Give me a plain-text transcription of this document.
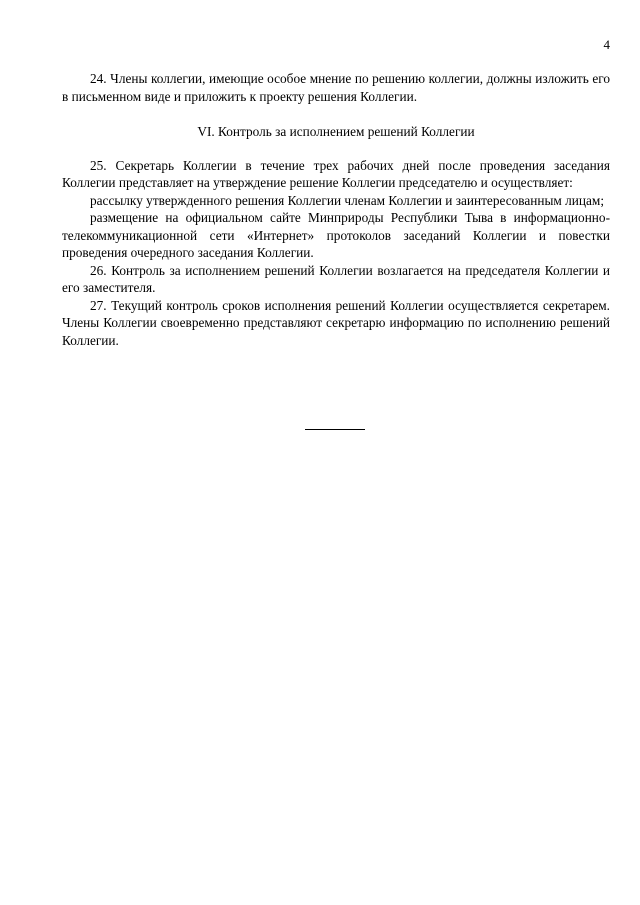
4

24. Члены коллегии, имеющие особое мнение по решению коллегии, должны изложить его в письменном виде и приложить к проекту решения Коллегии.

VI. Контроль за исполнением решений Коллегии

25. Секретарь Коллегии в течение трех рабочих дней после проведения заседания Коллегии представляет на утверждение решение Коллегии председателю и осуществляет:

рассылку утвержденного решения Коллегии членам Коллегии и заинтересованным лицам;

размещение на официальном сайте Минприроды Республики Тыва в информационно-телекоммуникационной сети «Интернет» протоколов заседаний Коллегии и повестки проведения очередного заседания Коллегии.

26. Контроль за исполнением решений Коллегии возлагается на председателя Коллегии и его заместителя.

27. Текущий контроль сроков исполнения решений Коллегии осуществляется секретарем. Члены Коллегии своевременно представляют секретарю информацию по исполнению решений Коллегии.
